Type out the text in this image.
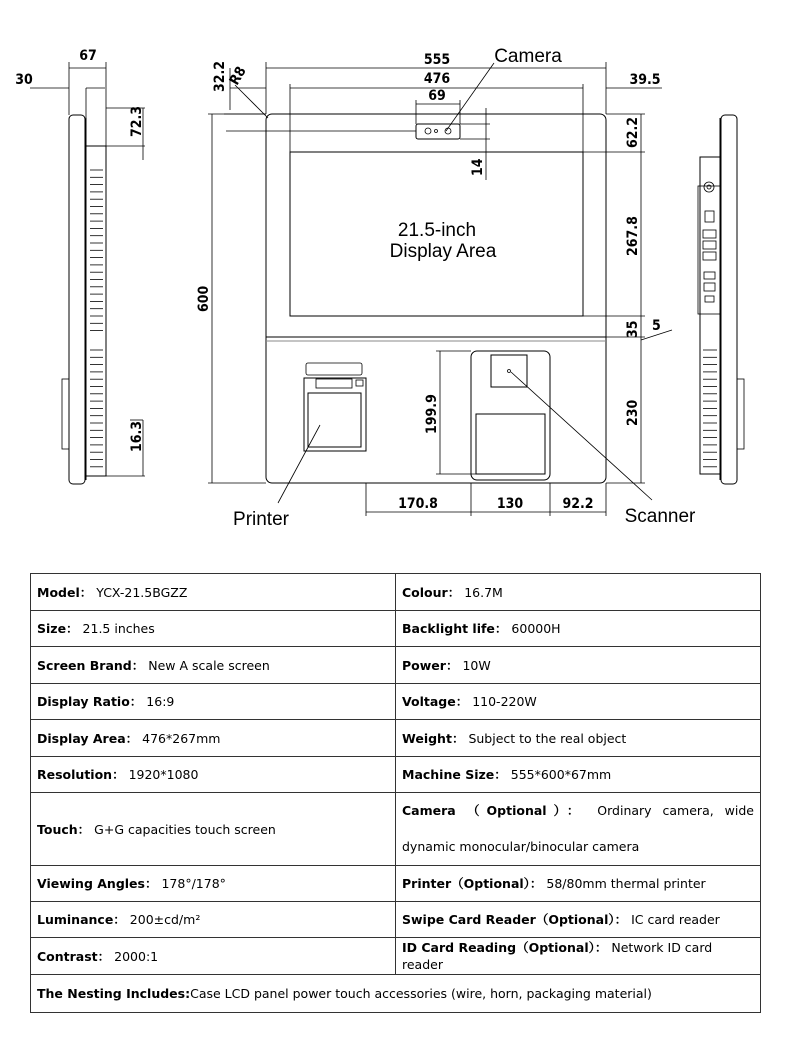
67
30
72.3
16.3
555
476
69
32.2
R8	39.5
62.2
14
267.8
600
35 5
230
199.9
170.8	130	92.2
21.5-inch
Display Area
Camera
Printer	Scanner
Model： YCX-21.5BGZZ	Colour： 16.7M
Size： 21.5 inches	Backlight life： 60000H
Screen Brand： New A scale screen	Power： 10W
Display Ratio： 16:9	Voltage： 110-220W
Display Area： 476*267mm	Weight： Subject to the real object
Resolution： 1920*1080	Machine Size： 555*600*67mm
Touch： G+G capacities touch screen	Camera （Optional）： Ordinary camera, wide dynamic monocular/binocular camera
Viewing Angles： 178°/178°	Printer（Optional）： 58/80mm thermal printer
Luminance： 200±cd/m²	Swipe Card Reader（Optional）： IC card reader
Contrast： 2000:1	ID Card Reading（Optional）： Network ID card reader
The Nesting Includes:Case LCD panel power touch accessories (wire, horn, packaging material)	
